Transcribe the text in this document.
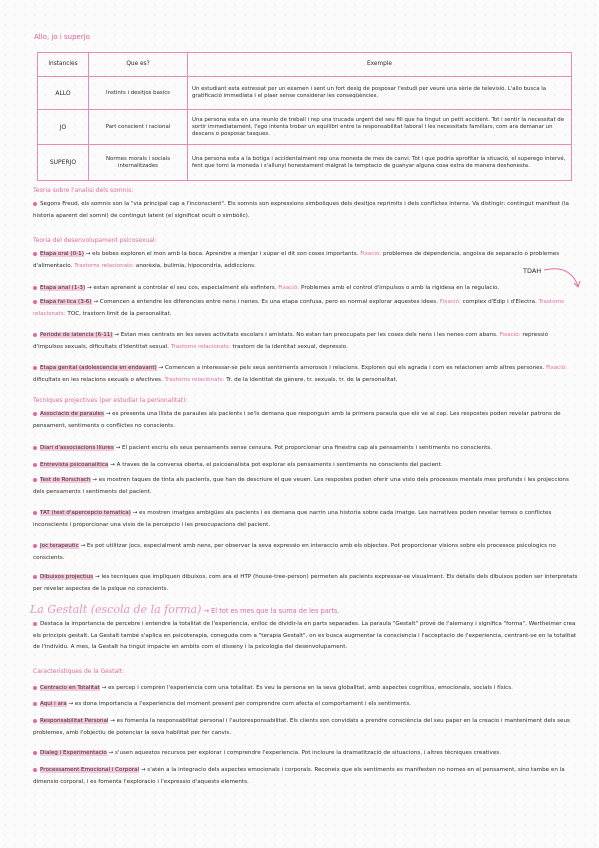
Allo, jo i superjo
Instancies	Que es?	Exemple
ALLO	Instints i desitjos basics	Un estudiant esta estressat per un examen i sent un fort desig de posposar l'estudi per veure una sèrie de televisió. L'allo busca la gratificació immediata i el plaer sense considerar les conseqüències.
JO	Part conscient i racional	Una persona esta en una reunio de treball i rep una trucada urgent del seu fill que ha tingut un petit accident. Tot i sentir la necessitat de sortir immediatament, l'ego intenta trobar un equilibri entre la responsabilitat laboral i les necessitats familiars, com ara demanar un descans o posposar tasques.
SUPERJO	Normes morals i socials internalitzades	Una persona esta a la botiga i accidentalment rep una moneda de mes de canvi. Tot i que podria aprofitar la situació, el superego intervé, fent que torni la moneda i s'allunyi honestament malgrat la temptacio de guanyar alguna cosa extra de manera deshonesta.
Teoria sobre l'analisi dels somnis:
Segons Freud, els somnis son la "via principal cap a l'inconscient". Els somnis son expressions simboliques dels desitjos reprimits i dels conflictes interns. Va distingir: contingut manifest (la historia aparent del somni) de contingut latent (el significat ocult o simbòlic).
Teoria del desenvolupament psicosexual:
Etapa oral (0-1) → els bebes exploren el mon amb la boca. Aprendre a menjar i xupar el dit son coses importants. Fixació: problemes de dependencia, angoixa de separacio o problemes d'alimentacio. Trastorns relacionats: anorèxia, bulimia, hipocondria, addiccions.
TDAH
Etapa anal (1-3) → estan aprenent a controlar el seu cos, especialment els esfinters. Fixació: Problemes amb el control d'impulsos o amb la rigidesa en la regulacio.
Etapa fal·lica (3-6) → Comencen a entendre les diferencies entre nens i nenes. Es una etapa confusa, pero es normal explorar aquestes idees. Fixació: complex d'Edip i d'Electra. Trastorns relacionats: TOC, trastorn limit de la personalitat.
Periode de latencia (6-11) → Estan mes centrats en les seves activitats escolars i amistats. No estan tan preocupats per les coses dels nens i les nenes com abans. Fixació: repressió d'impulsos sexuals, dificultats d'identitat sexual. Trastorns relacionats: trastorn de la identitat sexual, depressio.
Etapa genital (adolescencia en endavant) → Comencen a interessar-se pels seus sentiments amorosos i relacions. Exploren qui els agrada i com es relacionen amb altres persones. Fixació: dificultats en les relacions sexuals o afectives. Trastorns relacionats: Tr. de la identitat de gènere, tr. sexuals, tr. de la personalitat.
Tecniques projectives (per estudiar la personalitat):
Associacio de paraules → es presenta una llista de paraules als pacients i se'ls demana que responguin amb la primera paraula que els ve al cap. Les respostes poden revelar patrons de pensament, sentiments o conflictes no conscients.
Diari d'associacions lliures → El pacient escriu els seus pensaments sense censura. Pot proporcionar una finestra cap als pensaments i sentiments no conscients.
Entrevista psicoanalitica → A traves de la conversa oberta, el psicoanalista pot explorar els pensaments i sentiments no conscients del pacient.
Test de Rorschach → es mostren taques de tinta als pacients, que han de descriure el que veuen. Les respostes poden oferir una visio dels processos mentals mes profunds i les projeccions dels pensaments i sentiments del pacient.
TAT (test d'apercepcio tematica) → es mostren imatges ambigües als pacients i es demana que narrin una historia sobre cada imatge. Les narratives poden revelar temes o conflictes inconscients i proporcionar una visio de la percepcio i les preocupacions del pacient.
Joc terapeutic → Es pot utilitzar jocs, especialment amb nens, per observar la seva expressio en interaccio amb els objectes. Pot proporcionar visions sobre els processos psicologics no conscients.
Dibuixos projectius → les tecniques que impliquen dibuixos, com ara el HTP (house-tree-person) permeten als pacients expressar-se visualment. Els detalls dels dibuixos poden ser interpretats per revelar aspectes de la psique no conscients.
La Gestalt (escola de la forma) → El tot es mes que la suma de les parts.
Destaca la importancia de percebre i entendre la totalitat de l'experiencia, enlloc de dividir-la en parts separades. La paraula "Gestalt" prové de l'alemany i significa "forma". Wertheimer crea els principis gestalt. La Gestalt també s'aplica en psicoterapia, coneguda com a "terapia Gestalt", on es busca augmentar la consciencia i l'acceptacio de l'experiencia, centrant-se en la totalitat de l'individu. A mes, la Gestalt ha tingut impacte en ambits com el disseny i la psicologia del desenvolupament.
Caracteristiques de la Gestalt:
Centracio en Totalitat → es percep i comprèn l'experiencia com una totalitat. Es veu la persona en la seva globalitat, amb aspectes cognitius, emocionals, socials i físics.
Aqui i ara → es dona importancia a l'experiencia del moment present per comprendre com afecta el comportament i els sentiments.
Responsabilitat Personal → es fomenta la responsabilitat personal i l'autoresponsabilitat. Els clients son convidats a prendre consciència del seu paper en la creacio i manteniment dels seus problemes, amb l'objectiu de potenciar la seva habilitat per fer canvis.
Dialeg i Experimentacio → s'usen aquestos recursos per explorar i comprendre l'experiencia. Pot incloure la dramatització de situacions, i altres tècniques creatives.
Processament Emocional i Corporal → s'atén a la integracio dels aspectes emocionals i corporals. Reconeix que els sentiments es manifesten no nomes en el pensament, sino tambe en la dimensio corporal, i es fomenta l'exploracio i l'expressio d'aquests elements.
